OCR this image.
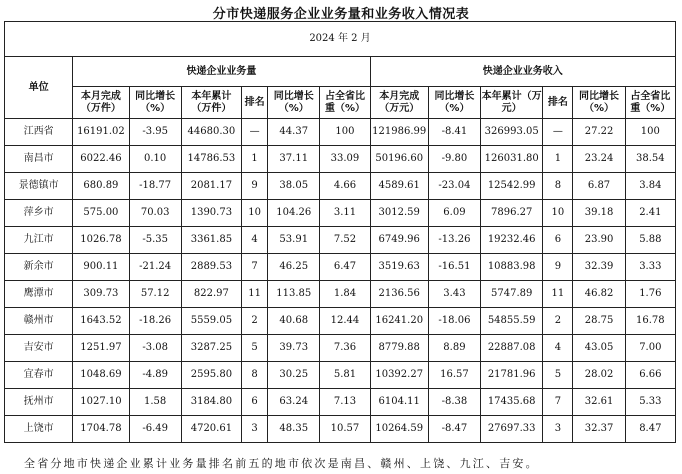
分市快递服务企业业务量和业务收入情况表
2024 年 2 月												
单位	快递企业业务量						快递企业业务收入					
	本月完成（万件）	同比增长（%）	本年累计（万件）	排名	同比增长（%）	占全省比重（%）	本月完成（万元）	同比增长（%）	本年累计（万元）	排名	同比增长（%）	占全省比重（%）
江西省	16191.02	-3.95	44680.30	—	44.37	100	121986.99	-8.41	326993.05	—	27.22	100
南昌市	6022.46	0.10	14786.53	1	37.11	33.09	50196.60	-9.80	126031.80	1	23.24	38.54
景德镇市	680.89	-18.77	2081.17	9	38.05	4.66	4589.61	-23.04	12542.99	8	6.87	3.84
萍乡市	575.00	70.03	1390.73	10	104.26	3.11	3012.59	6.09	7896.27	10	39.18	2.41
九江市	1026.78	-5.35	3361.85	4	53.91	7.52	6749.96	-13.26	19232.46	6	23.90	5.88
新余市	900.11	-21.24	2889.53	7	46.25	6.47	3519.63	-16.51	10883.98	9	32.39	3.33
鹰潭市	309.73	57.12	822.97	11	113.85	1.84	2136.56	3.43	5747.89	11	46.82	1.76
赣州市	1643.52	-18.26	5559.05	2	40.68	12.44	16241.20	-18.06	54855.59	2	28.75	16.78
吉安市	1251.97	-3.08	3287.25	5	39.73	7.36	8779.88	8.89	22887.08	4	43.05	7.00
宜春市	1048.69	-4.89	2595.80	8	30.25	5.81	10392.27	16.57	21781.96	5	28.02	6.66
抚州市	1027.10	1.58	3184.80	6	63.24	7.13	6104.11	-8.38	17435.68	7	32.61	5.33
上饶市	1704.78	-6.49	4720.61	3	48.35	10.57	10264.59	-8.47	27697.33	3	32.37	8.47
全省分地市快递企业累计业务量排名前五的地市依次是南昌、赣州、上饶、九江、吉安。
